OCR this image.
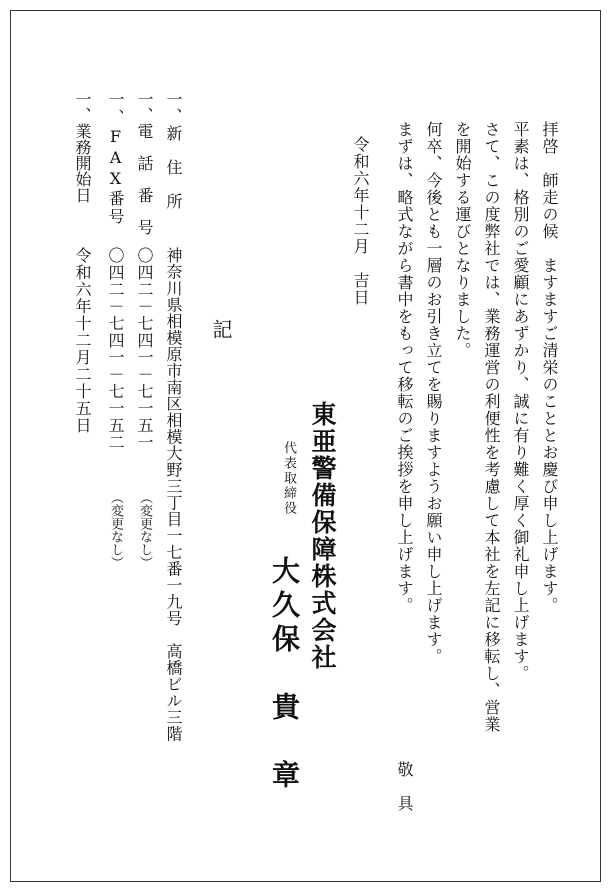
拝啓　師走の候　ますますご清栄のこととお慶び申し上げます。
平素は、格別のご愛顧にあずかり、誠に有り難く厚く御礼申し上げます。
さて、この度弊社では、業務運営の利便性を考慮して本社を左記に移転し、営業
を開始する運びとなりました。
何卒、今後とも一層のお引き立てを賜りますようお願い申し上げます。
まずは、略式ながら書中をもって移転のご挨拶を申し上げます。
敬　具
令和六年十二月　吉日
東亜警備保障株式会社
代表取締役
大久保　貴　章
記
一、新　住　所
神奈川県相模原市南区相模大野三丁目一七番一九号　高橋ビル三階
一、電　話　番　号
〇四二－七四一－七一五一
（変更なし）
一、FAX番号
〇四二－七四一－七一五二
（変更なし）
一、業務開始日
令和六年十二月二十五日
